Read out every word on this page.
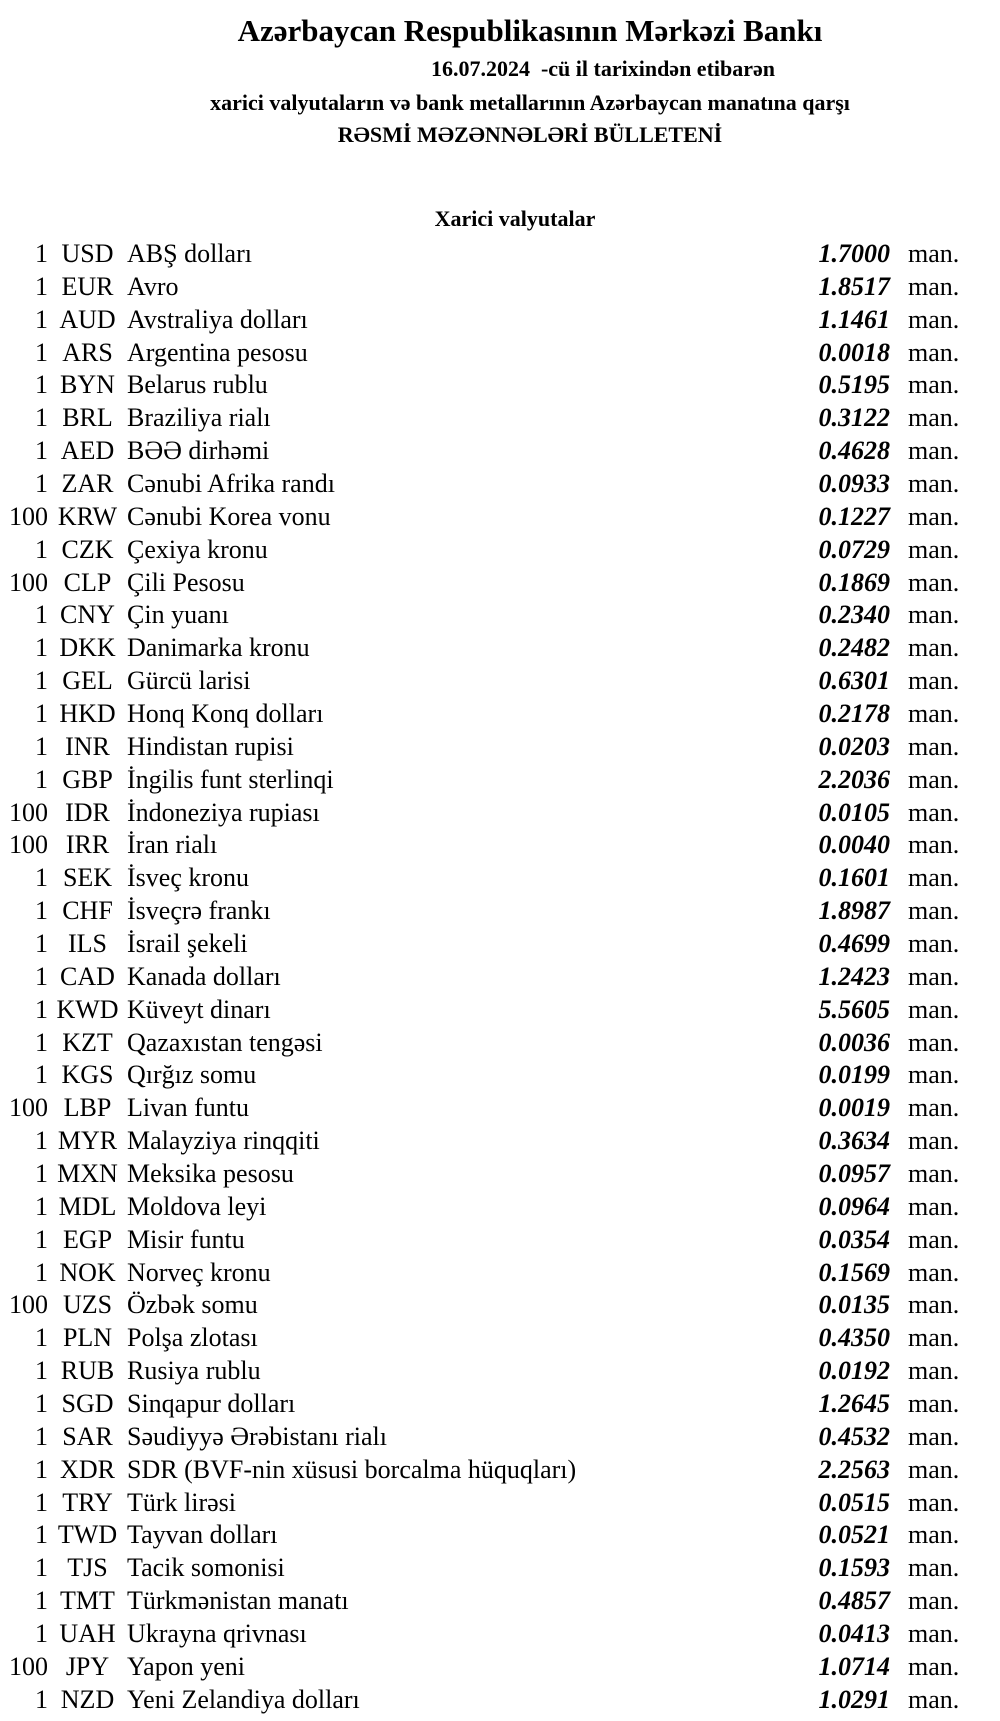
Azərbaycan Respublikasının Mərkəzi Bankı
16.07.2024  -cü il tarixindən etibarən
xarici valyutaların və bank metallarının Azərbaycan manatına qarşı
RƏSMİ MƏZƏNNƏLƏRİ BÜLLETENİ
Xarici valyutalar
1 USD ABŞ dolları	1.7000 man.
1 EUR Avro	1.8517 man.
1 AUD Avstraliya dolları	1.1461 man.
1 ARS Argentina pesosu	0.0018 man.
1 BYN Belarus rublu	0.5195 man.
1 BRL Braziliya rialı	0.3122 man.
1 AED BƏƏ dirhəmi	0.4628 man.
1 ZAR Cənubi Afrika randı	0.0933 man.
100 KRW Cənubi Korea vonu	0.1227 man.
1 CZK Çexiya kronu	0.0729 man.
100 CLP Çili Pesosu	0.1869 man.
1 CNY Çin yuanı	0.2340 man.
1 DKK Danimarka kronu	0.2482 man.
1 GEL Gürcü larisi	0.6301 man.
1 HKD Honq Konq dolları	0.2178 man.
1 INR Hindistan rupisi	0.0203 man.
1 GBP İngilis funt sterlinqi	2.2036 man.
100 IDR İndoneziya rupiası	0.0105 man.
100 IRR İran rialı	0.0040 man.
1 SEK İsveç kronu	0.1601 man.
1 CHF İsveçrə frankı	1.8987 man.
1 ILS İsrail şekeli	0.4699 man.
1 CAD Kanada dolları	1.2423 man.
1 KWD Küveyt dinarı	5.5605 man.
1 KZT Qazaxıstan tengəsi	0.0036 man.
1 KGS Qırğız somu	0.0199 man.
100 LBP Livan funtu	0.0019 man.
1 MYR Malayziya rinqqiti	0.3634 man.
1 MXN Meksika pesosu	0.0957 man.
1 MDL Moldova leyi	0.0964 man.
1 EGP Misir funtu	0.0354 man.
1 NOK Norveç kronu	0.1569 man.
100 UZS Özbək somu	0.0135 man.
1 PLN Polşa zlotası	0.4350 man.
1 RUB Rusiya rublu	0.0192 man.
1 SGD Sinqapur dolları	1.2645 man.
1 SAR Səudiyyə Ərəbistanı rialı	0.4532 man.
1 XDR SDR (BVF-nin xüsusi borcalma hüquqları)	2.2563 man.
1 TRY Türk lirəsi	0.0515 man.
1 TWD Tayvan dolları	0.0521 man.
1 TJS Tacik somonisi	0.1593 man.
1 TMT Türkmənistan manatı	0.4857 man.
1 UAH Ukrayna qrivnası	0.0413 man.
100 JPY Yapon yeni	1.0714 man.
1 NZD Yeni Zelandiya dolları	1.0291 man.
